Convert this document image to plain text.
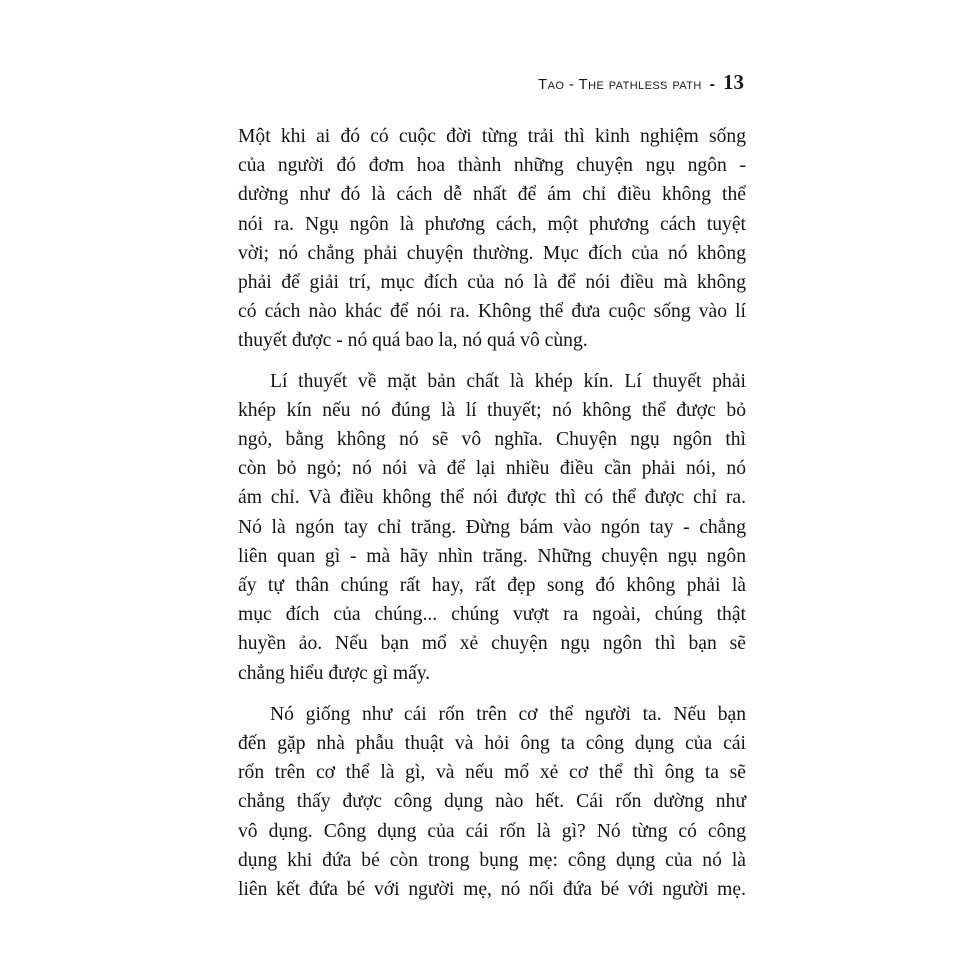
Tao - The pathless path - 13

Một khi ai đó có cuộc đời từng trải thì kinh nghiệm sống
của người đó đơm hoa thành những chuyện ngụ ngôn -
dường như đó là cách dễ nhất để ám chỉ điều không thể
nói ra. Ngụ ngôn là phương cách, một phương cách tuyệt
vời; nó chẳng phải chuyện thường. Mục đích của nó không
phải để giải trí, mục đích của nó là để nói điều mà không
có cách nào khác để nói ra. Không thể đưa cuộc sống vào lí
thuyết được - nó quá bao la, nó quá vô cùng.

Lí thuyết về mặt bản chất là khép kín. Lí thuyết phải
khép kín nếu nó đúng là lí thuyết; nó không thể được bỏ
ngỏ, bằng không nó sẽ vô nghĩa. Chuyện ngụ ngôn thì
còn bỏ ngỏ; nó nói và để lại nhiều điều cần phải nói, nó
ám chỉ. Và điều không thể nói được thì có thể được chỉ ra.
Nó là ngón tay chỉ trăng. Đừng bám vào ngón tay - chẳng
liên quan gì - mà hãy nhìn trăng. Những chuyện ngụ ngôn
ấy tự thân chúng rất hay, rất đẹp song đó không phải là
mục đích của chúng... chúng vượt ra ngoài, chúng thật
huyền ảo. Nếu bạn mổ xẻ chuyện ngụ ngôn thì bạn sẽ
chẳng hiểu được gì mấy.

Nó giống như cái rốn trên cơ thể người ta. Nếu bạn
đến gặp nhà phẫu thuật và hỏi ông ta công dụng của cái
rốn trên cơ thể là gì, và nếu mổ xẻ cơ thể thì ông ta sẽ
chẳng thấy được công dụng nào hết. Cái rốn dường như
vô dụng. Công dụng của cái rốn là gì? Nó từng có công
dụng khi đứa bé còn trong bụng mẹ: công dụng của nó là
liên kết đứa bé với người mẹ, nó nối đứa bé với người mẹ.
